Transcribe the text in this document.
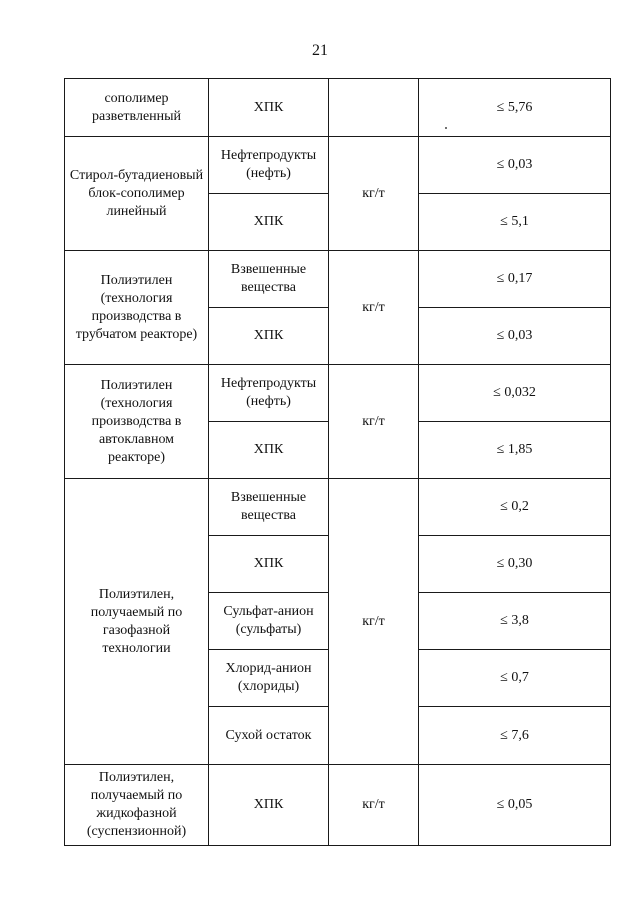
21
сополимер разветвленный	ХПК		≤ 5,76
Стирол-бутадиеновый блок-сополимер линейный	Нефтепродукты (нефть)	кг/т	≤ 0,03
	ХПК		≤ 5,1
Полиэтилен (технология производства в трубчатом реакторе)	Взвешенные вещества	кг/т	≤ 0,17
	ХПК		≤ 0,03
Полиэтилен (технология производства в автоклавном реакторе)	Нефтепродукты (нефть)	кг/т	≤ 0,032
	ХПК		≤ 1,85
Полиэтилен, получаемый по газофазной технологии	Взвешенные вещества	кг/т	≤ 0,2
	ХПК		≤ 0,30
	Сульфат-анион (сульфаты)		≤ 3,8
	Хлорид-анион (хлориды)		≤ 0,7
	Сухой остаток		≤ 7,6
Полиэтилен, получаемый по жидкофазной (суспензионной)	ХПК	кг/т	≤ 0,05
